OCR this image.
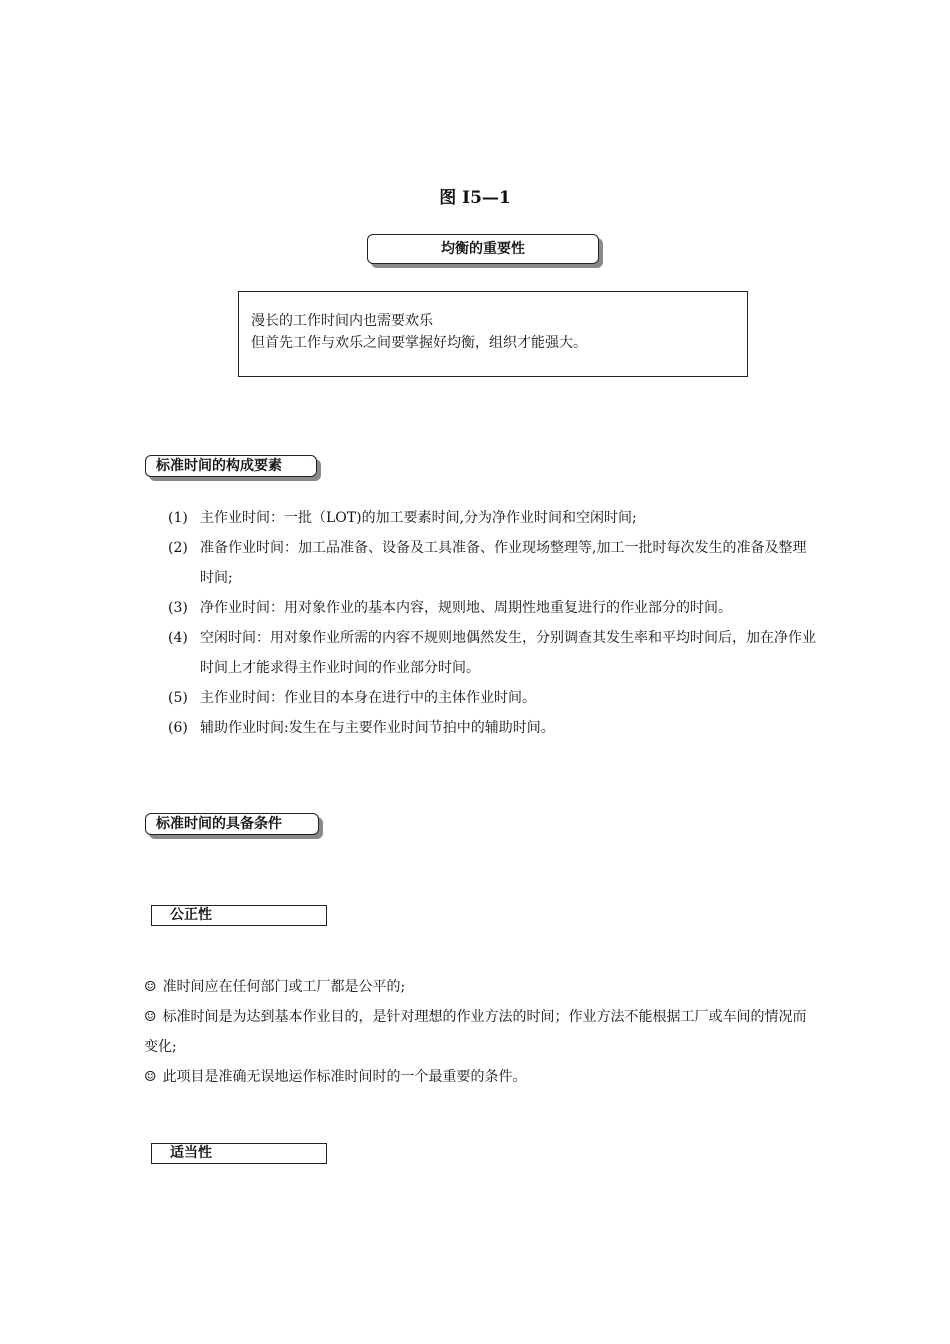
图 I5—1
均衡的重要性
漫长的工作时间内也需要欢乐
但首先工作与欢乐之间要掌握好均衡，组织才能强大。
标准时间的构成要素
(1) 主作业时间：一批（LOT)的加工要素时间,分为净作业时间和空闲时间;
(2) 准备作业时间：加工品准备、设备及工具准备、作业现场整理等,加工一批时每次发生的准备及整理时间;
(3) 净作业时间：用对象作业的基本内容，规则地、周期性地重复进行的作业部分的时间。
(4) 空闲时间：用对象作业所需的内容不规则地偶然发生，分别调查其发生率和平均时间后，加在净作业时间上才能求得主作业时间的作业部分时间。
(5) 主作业时间：作业目的本身在进行中的主体作业时间。
(6) 辅助作业时间:发生在与主要作业时间节拍中的辅助时间。
标准时间的具备条件
公正性
☺ 准时间应在任何部门或工厂都是公平的;
☺ 标准时间是为达到基本作业目的，是针对理想的作业方法的时间；作业方法不能根据工厂或车间的情况而变化;
☺ 此项目是准确无误地运作标准时间时的一个最重要的条件。
适当性
